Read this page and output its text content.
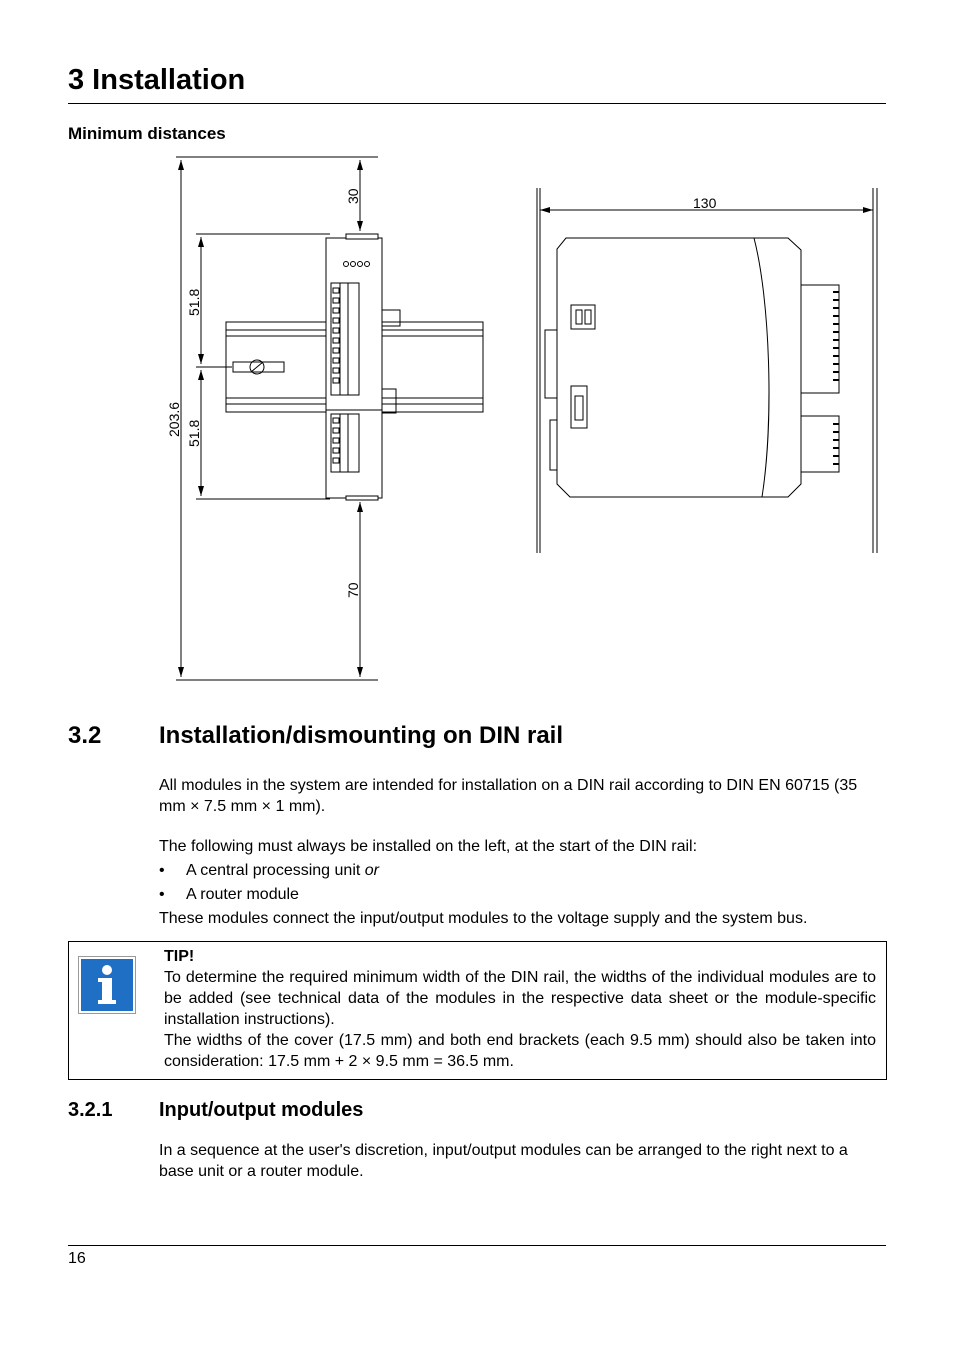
3 Installation
Minimum distances
30
51.8
51.8
203.6
70
130
3.2 Installation/dismounting on DIN rail
All modules in the system are intended for installation on a DIN rail according to DIN EN 60715 (35 mm × 7.5 mm × 1 mm).
The following must always be installed on the left, at the start of the DIN rail:
• A central processing unit or
• A router module
These modules connect the input/output modules to the voltage supply and the system bus.
TIP!
To determine the required minimum width of the DIN rail, the widths of the individual modules are to be added (see technical data of the modules in the respective data sheet or the module-specific installation instructions).
The widths of the cover (17.5 mm) and both end brackets (each 9.5 mm) should also be taken into consideration: 17.5 mm + 2 × 9.5 mm = 36.5 mm.
3.2.1 Input/output modules
In a sequence at the user's discretion, input/output modules can be arranged to the right next to a base unit or a router module.
16
